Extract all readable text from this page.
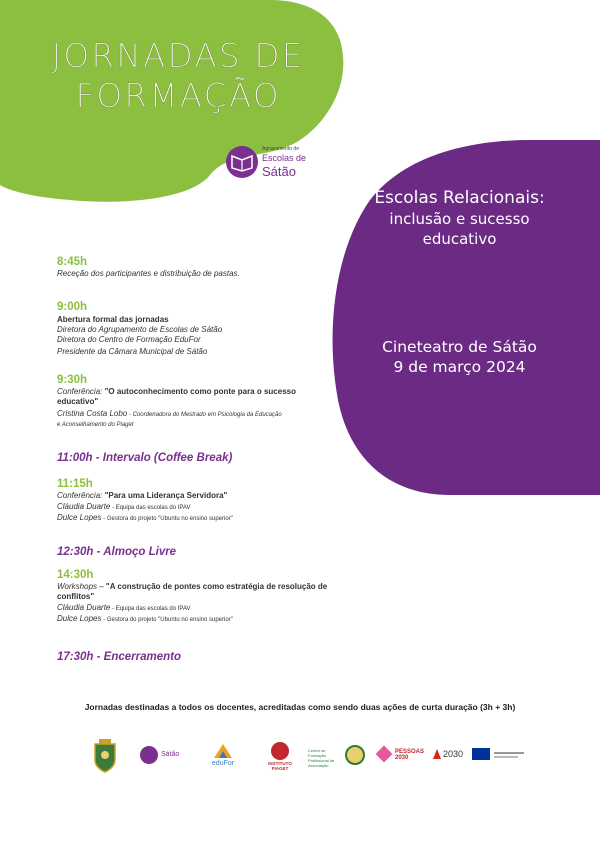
JORNADAS DE
FORMAÇÃO
Agrupamento de
Escolas de
Sátão
Escolas Relacionais:
inclusão e sucesso
educativo
Cineteatro de Sátão
9 de março 2024
8:45h
Receção dos participantes e distribuição de pastas.
9:00h
Abertura formal das jornadas
Diretora do Agrupamento de Escolas de Sátão
Diretora do Centro de Formação EduFor
Presidente da Câmara Municipal de Sátão
9:30h
Conferência: "O autoconhecimento como ponte para o sucesso
educativo"
Cristina Costa Lobo - Coordenadora do Mestrado em Psicologia da Educação
e Aconselhamento do Piaget
11:00h - Intervalo (Coffee Break)
11:15h
Conferência: "Para uma Liderança Servidora"
Cláudia Duarte - Equipa das escolas do IPAV
Dulce Lopes - Gestora do projeto "Ubuntu no ensino superior"
12:30h - Almoço Livre
14:30h
Workshops – "A construção de pontes como estratégia de resolução de
conflitos"
Cláudia Duarte - Equipa das escolas do IPAV
Dulce Lopes - Gestora do projeto "Ubuntu no ensino superior"
17:30h - Encerramento
Jornadas destinadas a todos os docentes, acreditadas como sendo duas ações de curta duração (3h + 3h)
Sátão
eduFor	INSTITUTO PIAGET
Centro de Formação Profissional de Associação
PESSOAS 2030	2030
